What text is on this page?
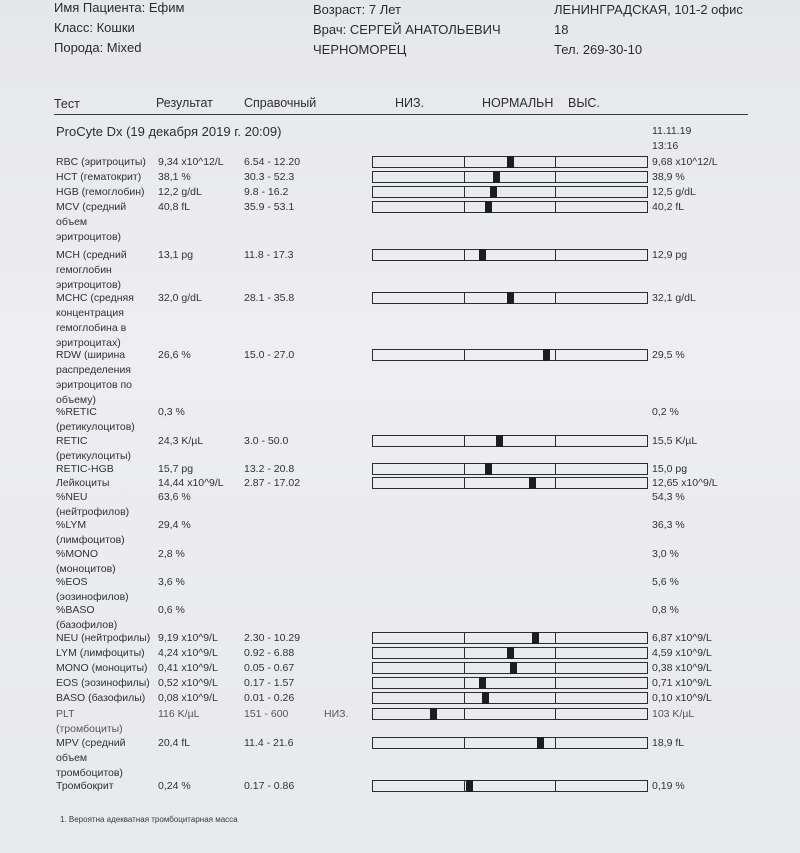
Имя Пациента: Ефим
Класс: Кошки
Порода: Mixed
Возраст: 7 Лет
Врач: СЕРГЕЙ АНАТОЛЬЕВИЧ
ЧЕРНОМОРЕЦ
ЛЕНИНГРАДСКАЯ, 101-2 офис
18
Тел. 269-30-10
Тест	Результат Справочный	НИЗ.	НОРМАЛЬН ВЫС.
ProCyte Dx (19 декабря 2019 г. 20:09)	11.11.19
13:16
RBC (эритроциты) 9,34 x10^12/L 6.54 - 12.20	9,68 x10^12/L
HCT (гематокрит) 38,1 %	30.3 - 52.3	38,9 %
HGB (гемоглобин) 12,2 g/dL	9.8 - 16.2	12,5 g/dL
MCV (средний
объем
эритроцитов)
40,8 fL	35.9 - 53.1	40,2 fL
MCH (средний
гемоглобин
эритроцитов)
13,1 pg	11.8 - 17.3	12,9 pg
MCHC (средняя
концентрация
гемоглобина в
эритроцитах)
32,0 g/dL	28.1 - 35.8	32,1 g/dL
RDW (ширина
распределения
эритроцитов по
объему)
26,6 %	15.0 - 27.0	29,5 %
%RETIC
(ретикулоцитов)
0,3 %	0,2 %
RETIC
(ретикулоциты)
24,3 K/µL	3.0 - 50.0	15,5 K/µL
RETIC-HGB	15,7 pg	13.2 - 20.8	15,0 pg
Лейкоциты	14,44 x10^9/L 2.87 - 17.02	12,65 x10^9/L
%NEU
(нейтрофилов)
63,6 %	54,3 %
%LYM
(лимфоцитов)
29,4 %	36,3 %
%MONO
(моноцитов)
2,8 %	3,0 %
%EOS
(эозинофилов)
3,6 %	5,6 %
%BASO
(базофилов)
0,6 %	0,8 %
NEU (нейтрофилы) 9,19 x10^9/L 2.30 - 10.29	6,87 x10^9/L
LYM (лимфоциты) 4,24 x10^9/L 0.92 - 6.88	4,59 x10^9/L
MONO (моноциты) 0,41 x10^9/L 0.05 - 0.67	0,38 x10^9/L
EOS (эозинофилы) 0,52 x10^9/L 0.17 - 1.57	0,71 x10^9/L
BASO (базофилы) 0,08 x10^9/L 0.01 - 0.26	0,10 x10^9/L
PLT
(тромбоциты)
116 K/µL	151 - 600	НИЗ.	103 K/µL
MPV (средний
объем
тромбоцитов)
20,4 fL	11.4 - 21.6	18,9 fL
Тромбокрит	0,24 %	0.17 - 0.86	0,19 %
1. Вероятна адекватная тромбоцитарная масса
